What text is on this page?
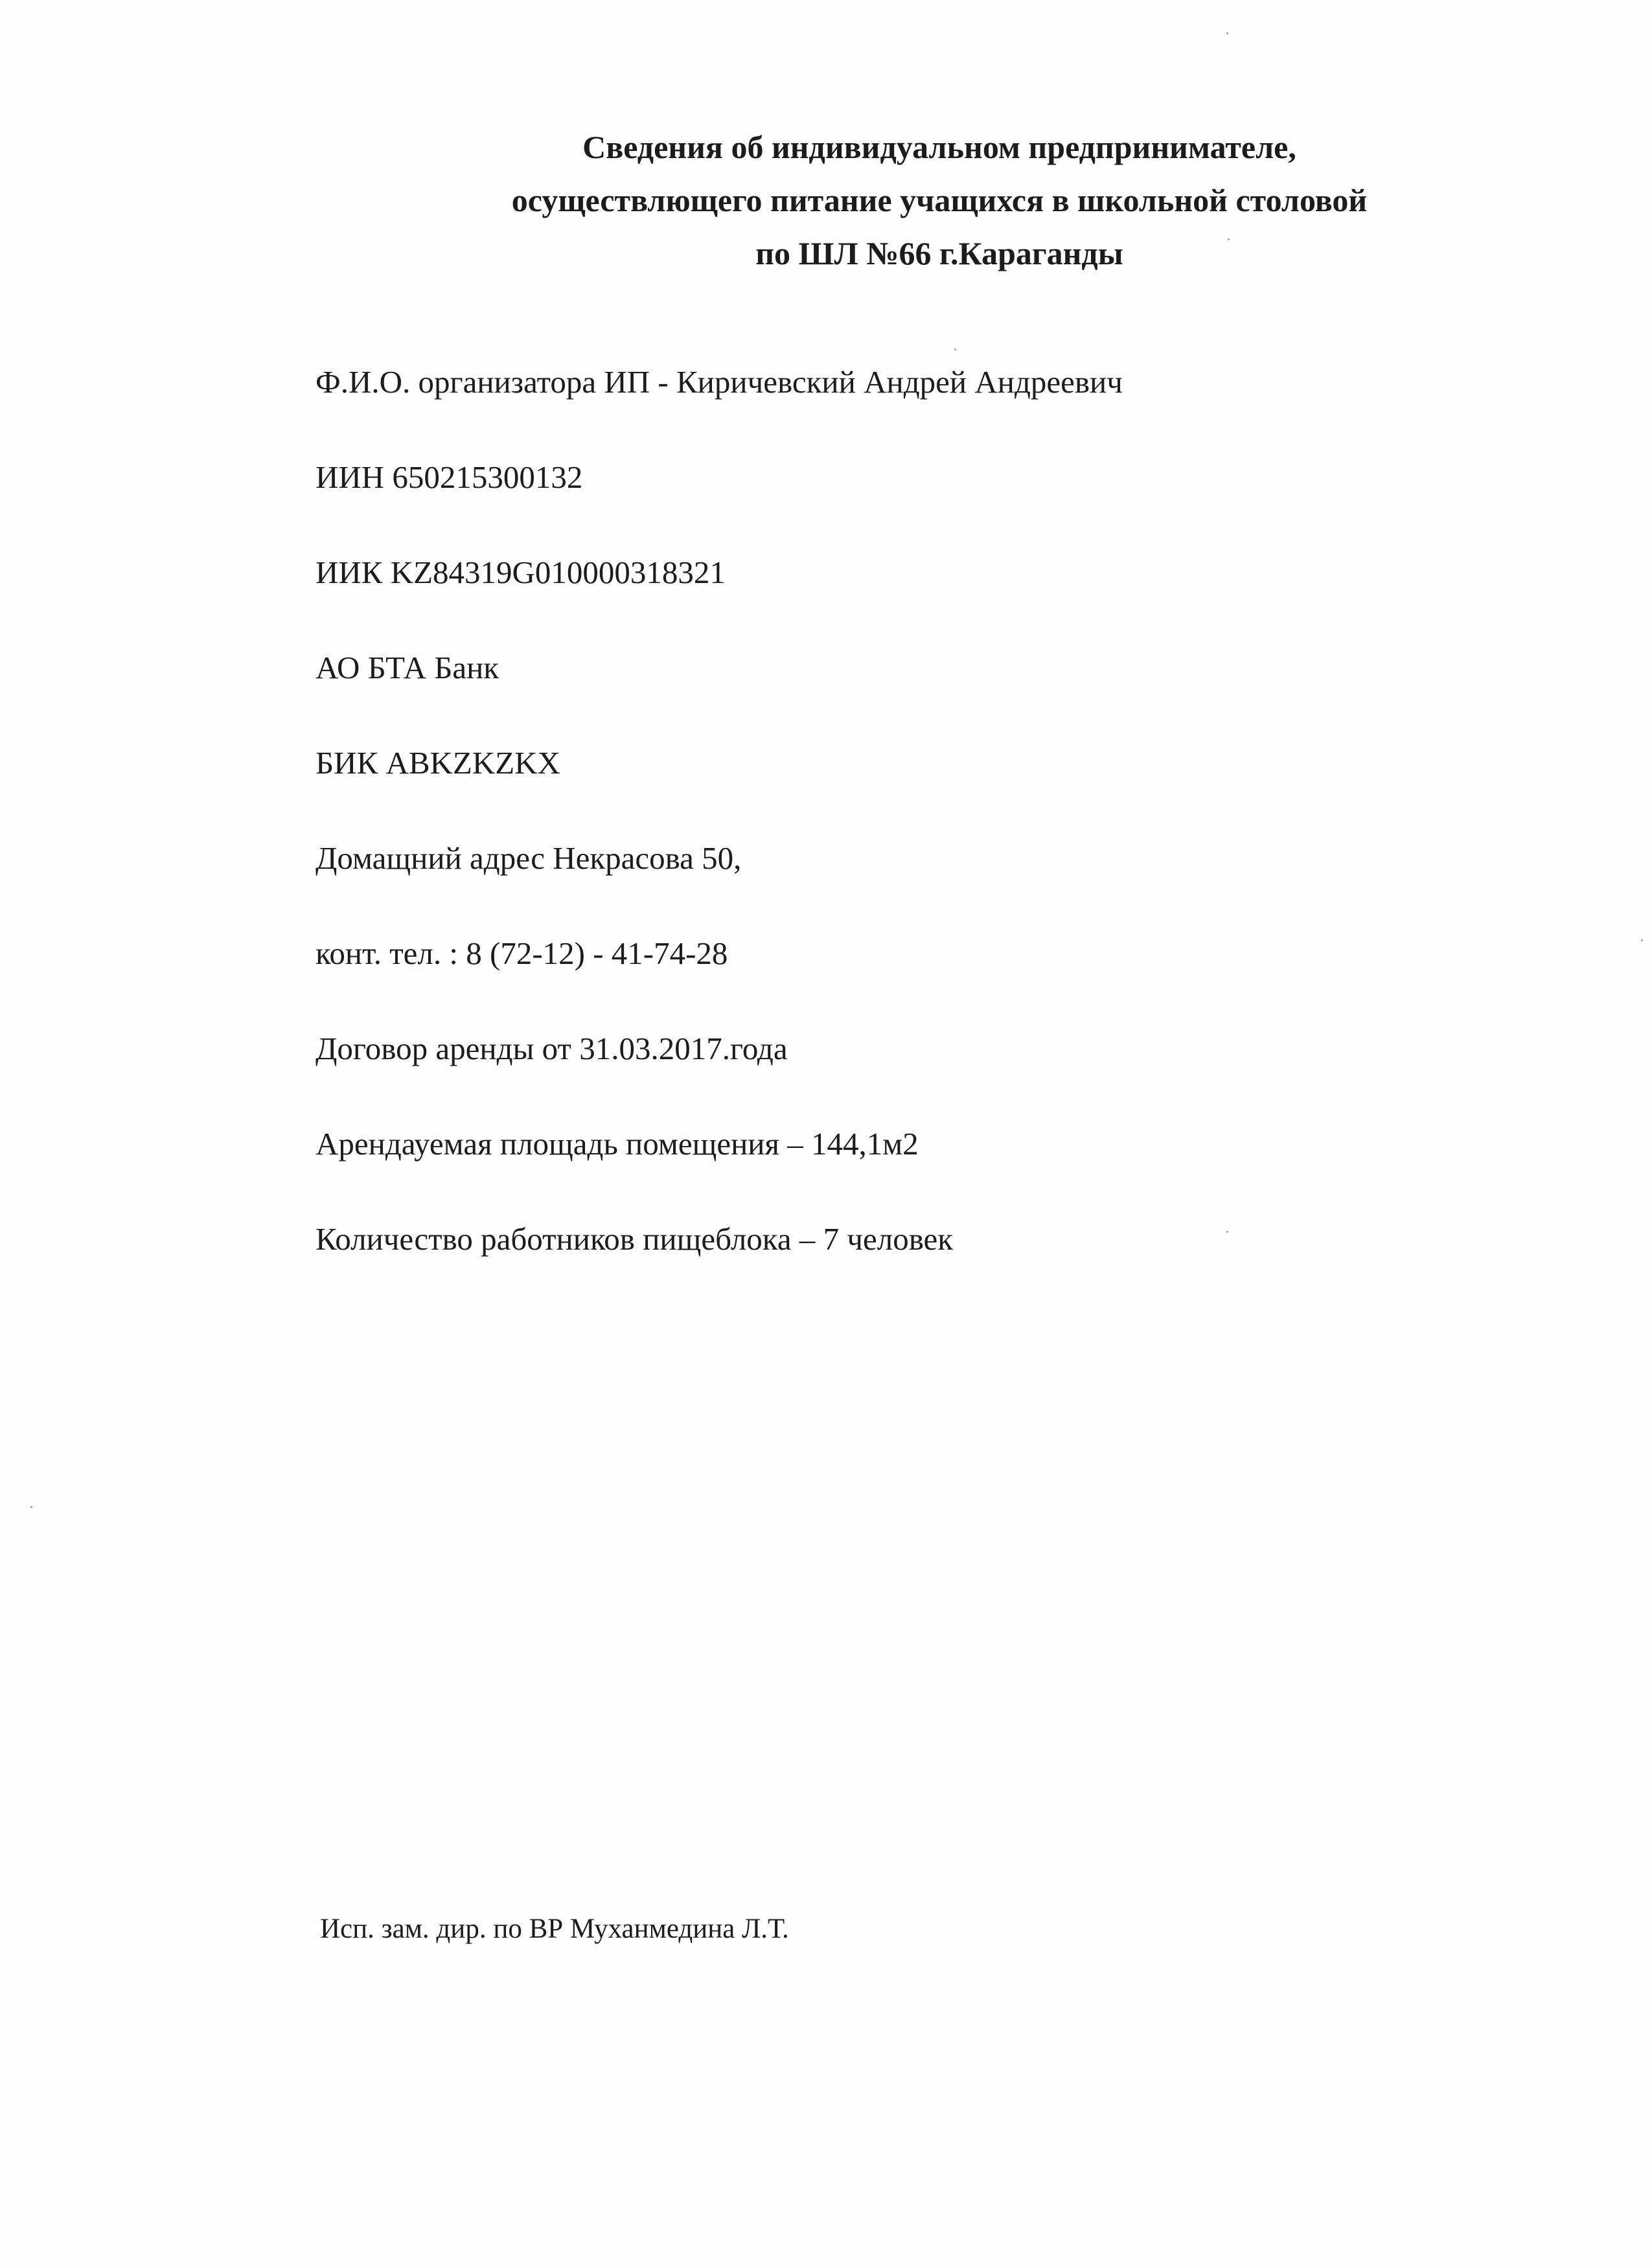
Сведения об индивидуальном предпринимателе,
осуществлющего питание учащихся в школьной столовой
по ШЛ №66 г.Караганды
Ф.И.О. организатора ИП - Киричевский Андрей Андреевич
ИИН 650215300132
ИИК KZ84319G010000318321
АО БТА Банк
БИК ABKZKZKX
Домащний адрес Некрасова 50,
конт. тел. : 8 (72-12) - 41-74-28
Договор аренды от 31.03.2017.года
Арендауемая площадь помещения – 144,1м2
Количество работников пищеблока – 7 человек
Исп. зам. дир. по ВР Муханмедина Л.Т.
